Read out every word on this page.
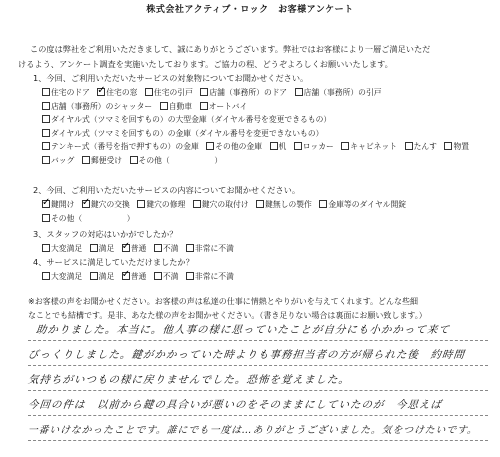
株式会社アクティブ・ロック　お客様アンケート
この度は弊社をご利用いただきまして、誠にありがとうございます。弊社ではお客様により一層ご満足いただ
けるよう、アンケート調査を実施いたしております。ご協力の程、どうぞよろしくお願いいたします。
1、今回、ご利用いただいたサービスの対象物についてお聞かせください。
住宅のドア ✓ 住宅の窓 住宅の引戸 店舗（事務所）のドア 店舗（事務所）の引戸 店舗（事務所）のシャッター 自動車 オートバイ ダイヤル式（ツマミを回すもの）の大型金庫（ダイヤル番号を変更できるもの） ダイヤル式（ツマミを回すもの）の金庫（ダイヤル番号を変更できないもの） テンキー式（番号を指で押すもの）の金庫 その他の金庫 机 ロッカー キャビネット たんす 物置 バッグ 郵便受け その他（                  ）
2、今回、ご利用いただいたサービスの内容についてお聞かせください。
✓鍵開け ✓ 鍵穴の交換 鍵穴の修理 鍵穴の取付け 鍵無しの製作 金庫等のダイヤル開錠 その他（                  ）
3、スタッフの対応はいかがでしたか？
大変満足 満足 ✓ 普通 不満 非常に不満
4、サービスに満足していただけましたか？
大変満足 満足 ✓ 普通 不満 非常に不満
※お客様の声をお聞かせください。お客様の声は私達の仕事に情熱とやりがいを与えてくれます。どんな些細
なことでも結構です。是非、あなた様の声をお聞かせください。（書き足りない場合は裏面にお願い致します。）
助かりました。本当に。他人事の様に思っていたことが自分にも小かかって来て
びっくりしました。鍵がかかっていた時よりも事務担当者の方が帰られた後　約時間
気持ちがいつもの様に戻りませんでした。恐怖を覚えました。
今回の件は　以前から鍵の具合いが悪いのをそのままにしていたのが　今思えば
一番いけなかったことです。誰にでも一度は…ありがとうございました。気をつけたいです。
